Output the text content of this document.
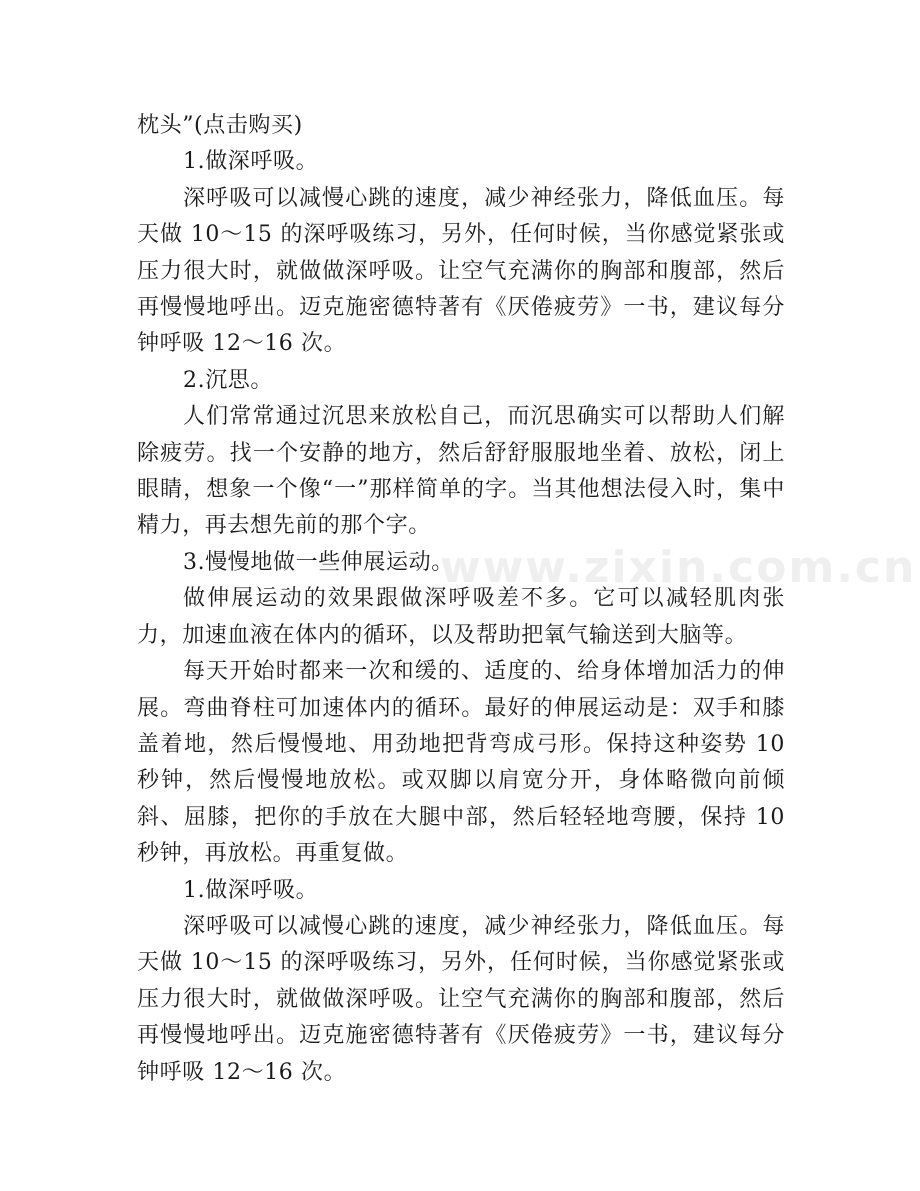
枕头”(点击购买)

1.做深呼吸。

深呼吸可以减慢心跳的速度，减少神经张力，降低血压。每天做 10～15 的深呼吸练习，另外，任何时候，当你感觉紧张或压力很大时，就做做深呼吸。让空气充满你的胸部和腹部，然后再慢慢地呼出。迈克施密德特著有《厌倦疲劳》一书，建议每分钟呼吸 12～16 次。

2.沉思。

人们常常通过沉思来放松自己，而沉思确实可以帮助人们解除疲劳。找一个安静的地方，然后舒舒服服地坐着、放松，闭上眼睛，想象一个像“一”那样简单的字。当其他想法侵入时，集中精力，再去想先前的那个字。

3.慢慢地做一些伸展运动。

做伸展运动的效果跟做深呼吸差不多。它可以减轻肌肉张力，加速血液在体内的循环，以及帮助把氧气输送到大脑等。

每天开始时都来一次和缓的、适度的、给身体增加活力的伸展。弯曲脊柱可加速体内的循环。最好的伸展运动是：双手和膝盖着地，然后慢慢地、用劲地把背弯成弓形。保持这种姿势 10 秒钟，然后慢慢地放松。或双脚以肩宽分开，身体略微向前倾斜、屈膝，把你的手放在大腿中部，然后轻轻地弯腰，保持 10 秒钟，再放松。再重复做。

1.做深呼吸。

深呼吸可以减慢心跳的速度，减少神经张力，降低血压。每天做 10～15 的深呼吸练习，另外，任何时候，当你感觉紧张或压力很大时，就做做深呼吸。让空气充满你的胸部和腹部，然后再慢慢地呼出。迈克施密德特著有《厌倦疲劳》一书，建议每分钟呼吸 12～16 次。

www.zixin.com.cn
